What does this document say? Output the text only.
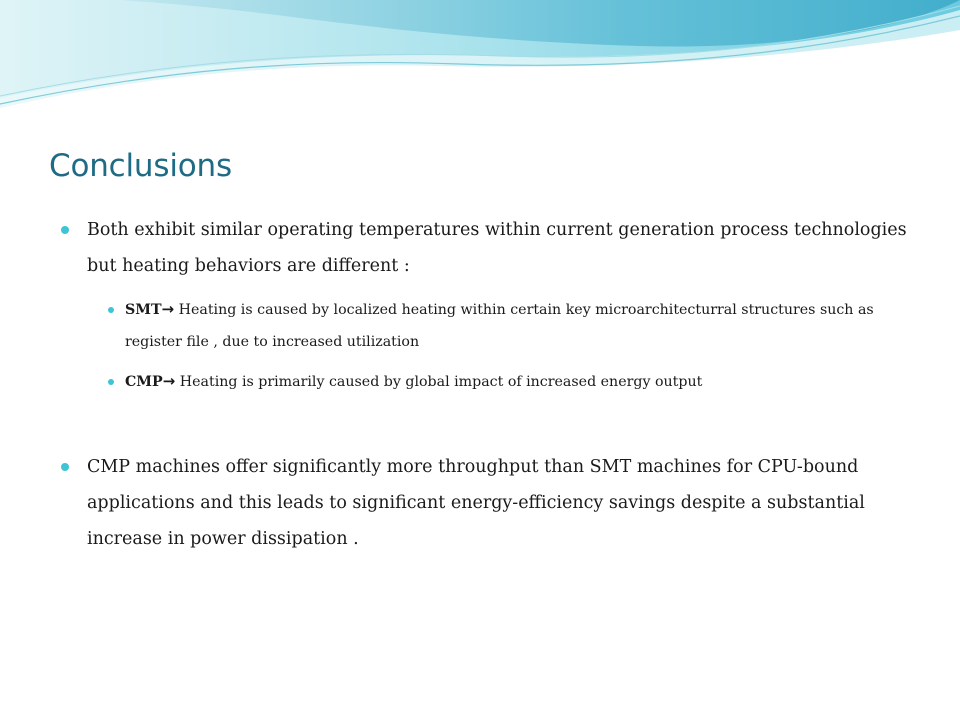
Conclusions
Both exhibit similar operating temperatures within current generation process technologies but heating behaviors are different :
SMT→ Heating is caused by localized heating within certain key microarchitecturral structures such as register file , due to increased utilization
CMP→ Heating is primarily caused by global impact of increased energy output
CMP machines offer significantly more throughput than SMT machines for CPU-bound applications and this leads to significant energy-efficiency savings despite a substantial increase in power dissipation .
